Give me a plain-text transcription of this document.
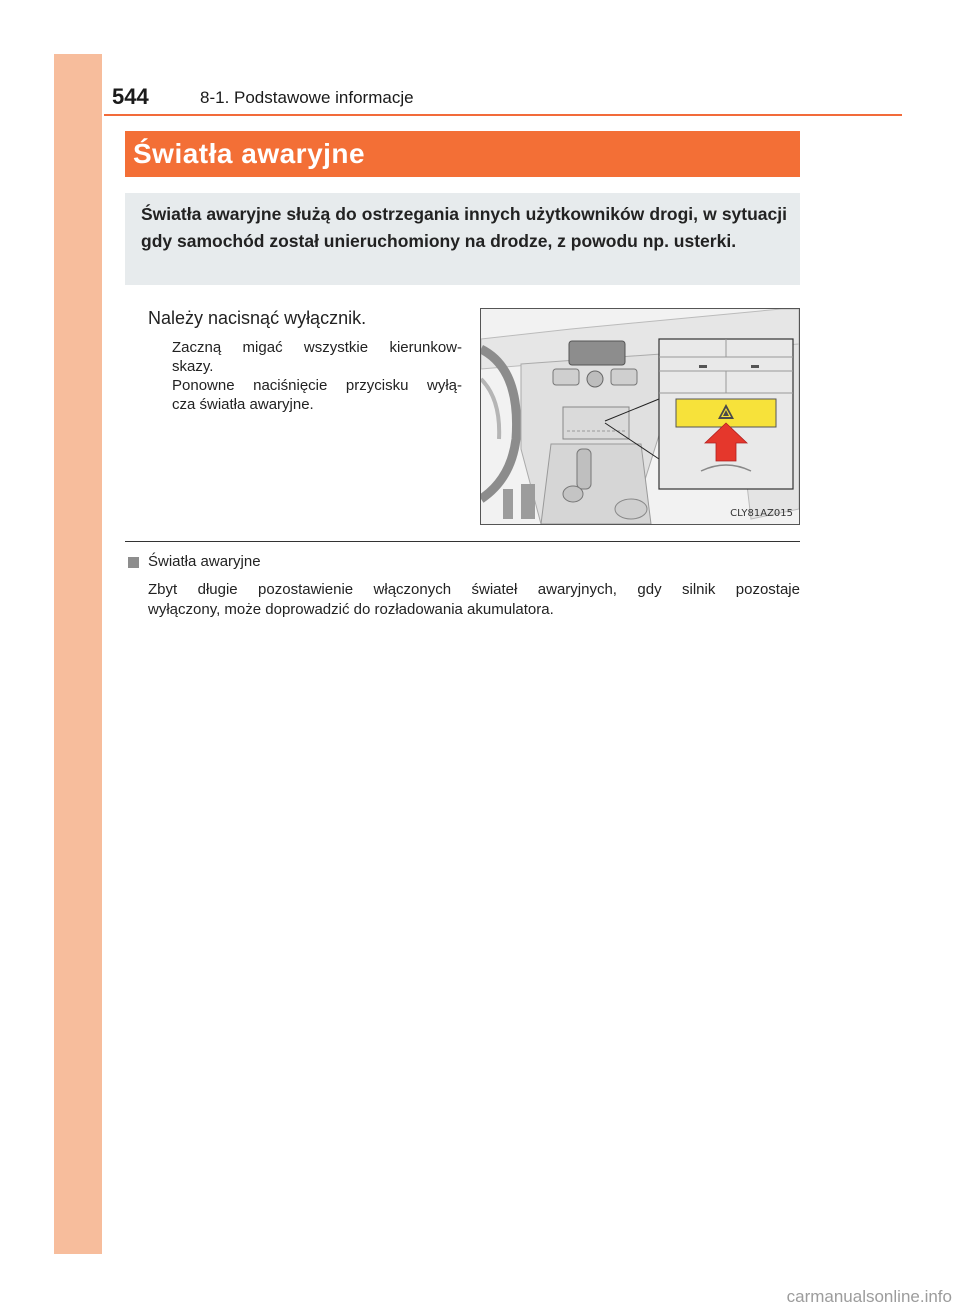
544	8-1. Podstawowe informacje
Światła awaryjne
Światła awaryjne służą do ostrzegania innych użytkowników drogi, w sytuacji gdy samochód został unieruchomiony na drodze, z powodu np. usterki.
Należy nacisnąć wyłącznik.

Zaczną migać wszystkie kierunkow-

skazy.

Ponowne naciśnięcie przycisku wyłą-

cza światła awaryjne.

CLY81AZ015
Światła awaryjne

Zbyt długie pozostawienie włączonych świateł awaryjnych, gdy silnik pozostaje

wyłączony, może doprowadzić do rozładowania akumulatora.

carmanualsonline.info
